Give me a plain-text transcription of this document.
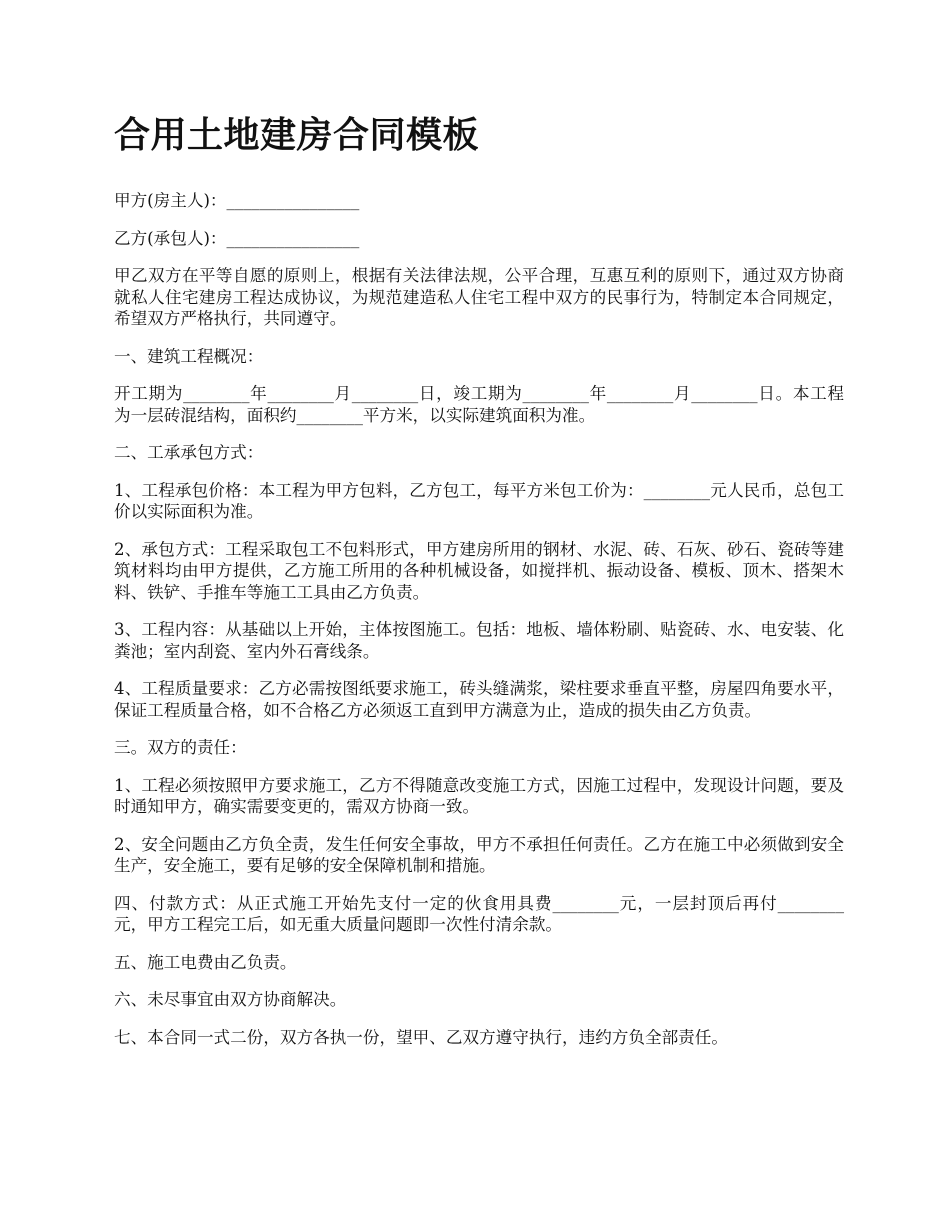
合用土地建房合同模板

甲方(房主人)：________________

乙方(承包人)：________________

甲乙双方在平等自愿的原则上，根据有关法律法规，公平合理，互惠互利的原则下，通过双方协商就私人住宅建房工程达成协议，为规范建造私人住宅工程中双方的民事行为，特制定本合同规定，希望双方严格执行，共同遵守。

一、建筑工程概况：

开工期为________年________月________日，竣工期为________年________月________日。本工程为一层砖混结构，面积约________平方米，以实际建筑面积为准。

二、工承承包方式：

1、工程承包价格：本工程为甲方包料，乙方包工，每平方米包工价为：________元人民币，总包工价以实际面积为准。

2、承包方式：工程采取包工不包料形式，甲方建房所用的钢材、水泥、砖、石灰、砂石、瓷砖等建筑材料均由甲方提供，乙方施工所用的各种机械设备，如搅拌机、振动设备、模板、顶木、搭架木料、铁铲、手推车等施工工具由乙方负责。

3、工程内容：从基础以上开始，主体按图施工。包括：地板、墙体粉刷、贴瓷砖、水、电安装、化粪池；室内刮瓷、室内外石膏线条。

4、工程质量要求：乙方必需按图纸要求施工，砖头缝满浆，梁柱要求垂直平整，房屋四角要水平，保证工程质量合格，如不合格乙方必须返工直到甲方满意为止，造成的损失由乙方负责。

三。双方的责任：

1、工程必须按照甲方要求施工，乙方不得随意改变施工方式，因施工过程中，发现设计问题，要及时通知甲方，确实需要变更的，需双方协商一致。

2、安全问题由乙方负全责，发生任何安全事故，甲方不承担任何责任。乙方在施工中必须做到安全生产，安全施工，要有足够的安全保障机制和措施。

四、付款方式：从正式施工开始先支付一定的伙食用具费________元，一层封顶后再付________元，甲方工程完工后，如无重大质量问题即一次性付清余款。

五、施工电费由乙负责。

六、未尽事宜由双方协商解决。

七、本合同一式二份，双方各执一份，望甲、乙双方遵守执行，违约方负全部责任。
